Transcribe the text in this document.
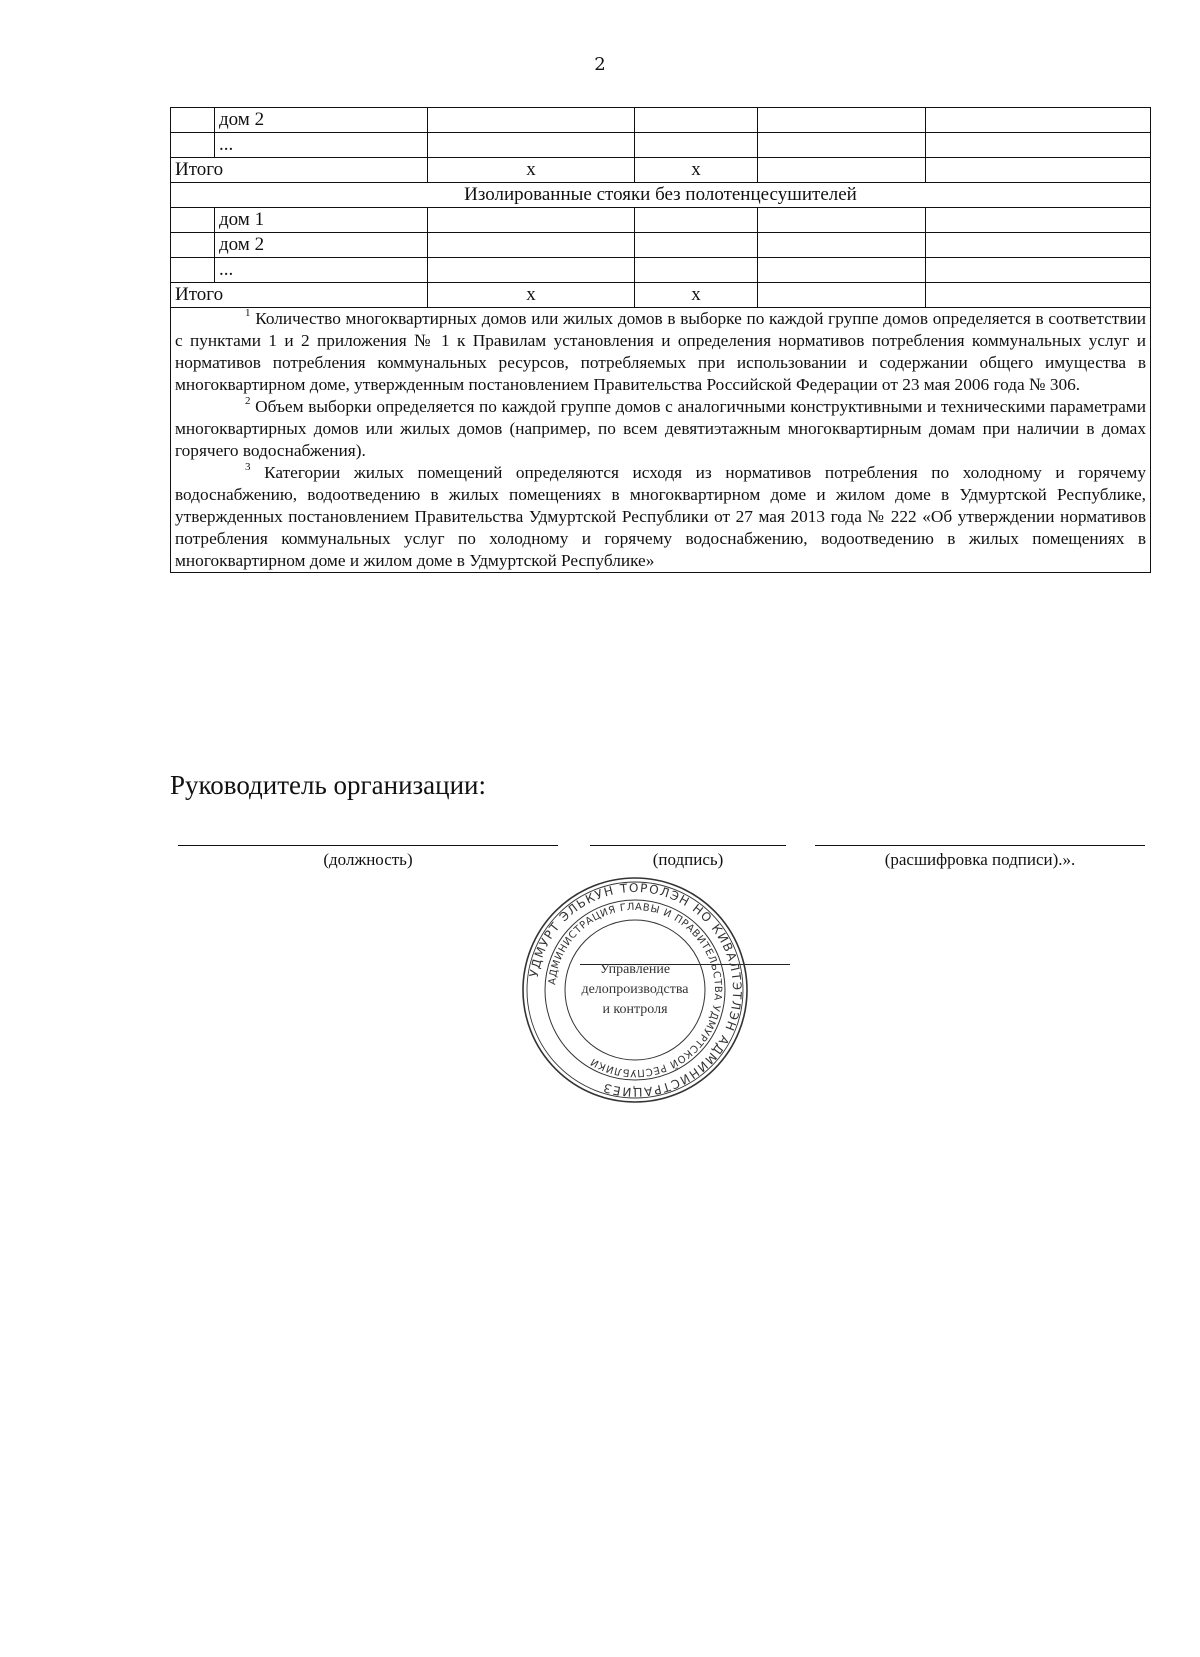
2
	дом 2				
	...				
Итого		x	x		
Изолированные стояки без полотенцесушителей					
	дом 1				
	дом 2				
	...				
Итого		x	x		

$^1$ Количество многоквартирных домов или жилых домов в выборке по каждой группе домов определяется в соответствии с пунктами 1 и 2 приложения № 1 к Правилам установления и определения нормативов потребления коммунальных услуг и нормативов потребления коммунальных ресурсов, потребляемых при использовании и содержании общего имущества в многоквартирном доме, утвержденным постановлением Правительства Российской Федерации от 23 мая 2006 года № 306.

$^2$ Объем выборки определяется по каждой группе домов с аналогичными конструктивными и техническими параметрами многоквартирных домов или жилых домов (например, по всем девятиэтажным многоквартирным домам при наличии в домах горячего водоснабжения).

$^3$ Категории жилых помещений определяются исходя из нормативов потребления по холодному и горячему водоснабжению, водоотведению в жилых помещениях в многоквартирном доме и жилом доме в Удмуртской Республике, утвержденных постановлением Правительства Удмуртской Республики от 27 мая 2013 года № 222 «Об утверждении нормативов потребления коммунальных услуг по холодному и горячему водоснабжению, водоотведению в жилых помещениях в многоквартирном доме и жилом доме в Удмуртской Республике»					

Руководитель организации:
(должность)	(подпись)	(расшифровка подписи).».
УДМУРТ ЭЛЬКУН ТОРОЛЭН НО КИВАЛТЭТЛЭН АДМИНИСТРАЦИЕЗ
АДМИНИСТРАЦИЯ ГЛАВЫ И ПРАВИТЕЛЬСТВА УДМУРТСКОЙ РЕСПУБЛИКИ
Управление
делопроизводства
и контроля
